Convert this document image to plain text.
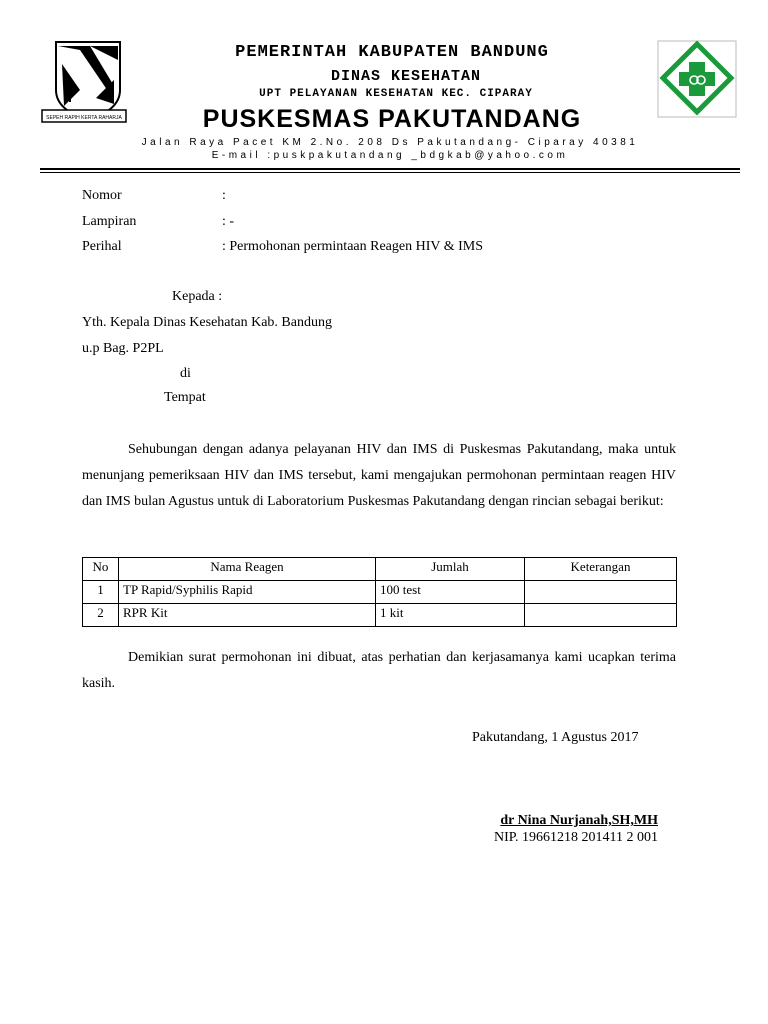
SEPEH RAPIH KERTA RAHARJA
PEMERINTAH KABUPATEN BANDUNG
DINAS KESEHATAN
UPT PELAYANAN KESEHATAN KEC. CIPARAY
PUSKESMAS PAKUTANDANG
Jalan Raya Pacet KM 2.No. 208 Ds Pakutandang- Ciparay 40381
E-mail :puskpakutandang _bdgkab@yahoo.com
Nomor	:
Lampiran	: -
Perihal	: Permohonan permintaan Reagen HIV & IMS
Kepada :
Yth. Kepala Dinas Kesehatan Kab. Bandung
u.p Bag. P2PL
di
Tempat
Sehubungan dengan adanya pelayanan HIV dan IMS di Puskesmas Pakutandang, maka untuk menunjang pemeriksaan HIV dan IMS tersebut, kami mengajukan permohonan permintaan reagen HIV dan IMS bulan Agustus untuk di Laboratorium Puskesmas Pakutandang dengan rincian sebagai berikut:
No	Nama Reagen	Jumlah	Keterangan
1	TP Rapid/Syphilis Rapid	100 test	
2	RPR Kit	1 kit	
Demikian surat permohonan ini dibuat, atas perhatian dan kerjasamanya kami ucapkan terima kasih.
Pakutandang, 1 Agustus 2017
dr Nina Nurjanah,SH,MH
NIP. 19661218 201411 2 001
